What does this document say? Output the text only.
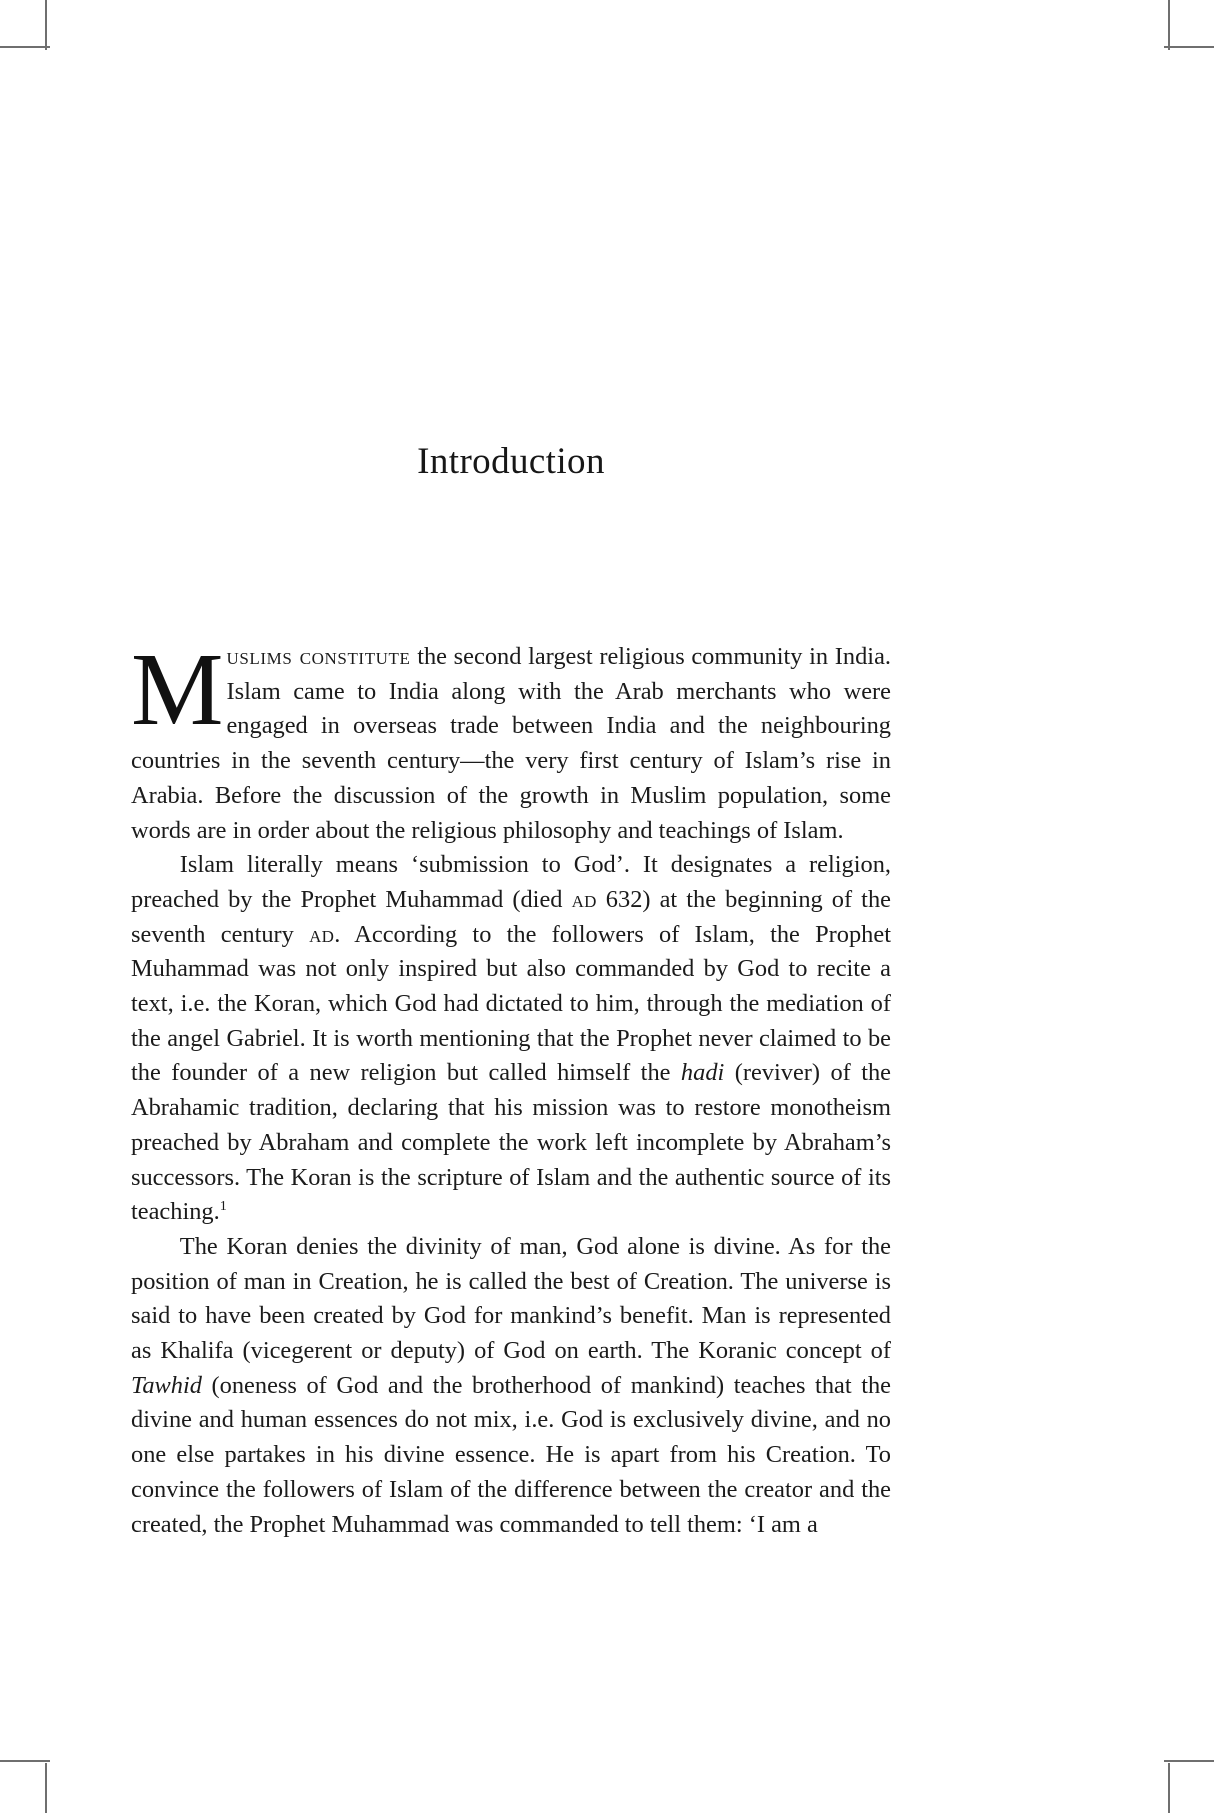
Introduction

Muslims constitute the second largest religious community in India. Islam came to India along with the Arab merchants who were engaged in overseas trade between India and the neighbouring countries in the seventh century—the very first century of Islam’s rise in Arabia. Before the discussion of the growth in Muslim population, some words are in order about the religious philosophy and teachings of Islam.

Islam literally means ‘submission to God’. It designates a religion, preached by the Prophet Muhammad (died ad 632) at the beginning of the seventh century ad. According to the followers of Islam, the Prophet Muhammad was not only inspired but also commanded by God to recite a text, i.e. the Koran, which God had dictated to him, through the mediation of the angel Gabriel. It is worth mentioning that the Prophet never claimed to be the founder of a new religion but called himself the hadi (reviver) of the Abrahamic tradition, declaring that his mission was to restore monotheism preached by Abraham and complete the work left incomplete by Abraham’s successors. The Koran is the scripture of Islam and the authentic source of its teaching.$^1$

The Koran denies the divinity of man, God alone is divine. As for the position of man in Creation, he is called the best of Creation. The universe is said to have been created by God for mankind’s benefit. Man is represented as Khalifa (vicegerent or deputy) of God on earth. The Koranic concept of Tawhid (oneness of God and the brotherhood of mankind) teaches that the divine and human essences do not mix, i.e. God is exclusively divine, and no one else partakes in his divine essence. He is apart from his Creation. To convince the followers of Islam of the difference between the creator and the created, the Prophet Muhammad was commanded to tell them: ‘I am a
